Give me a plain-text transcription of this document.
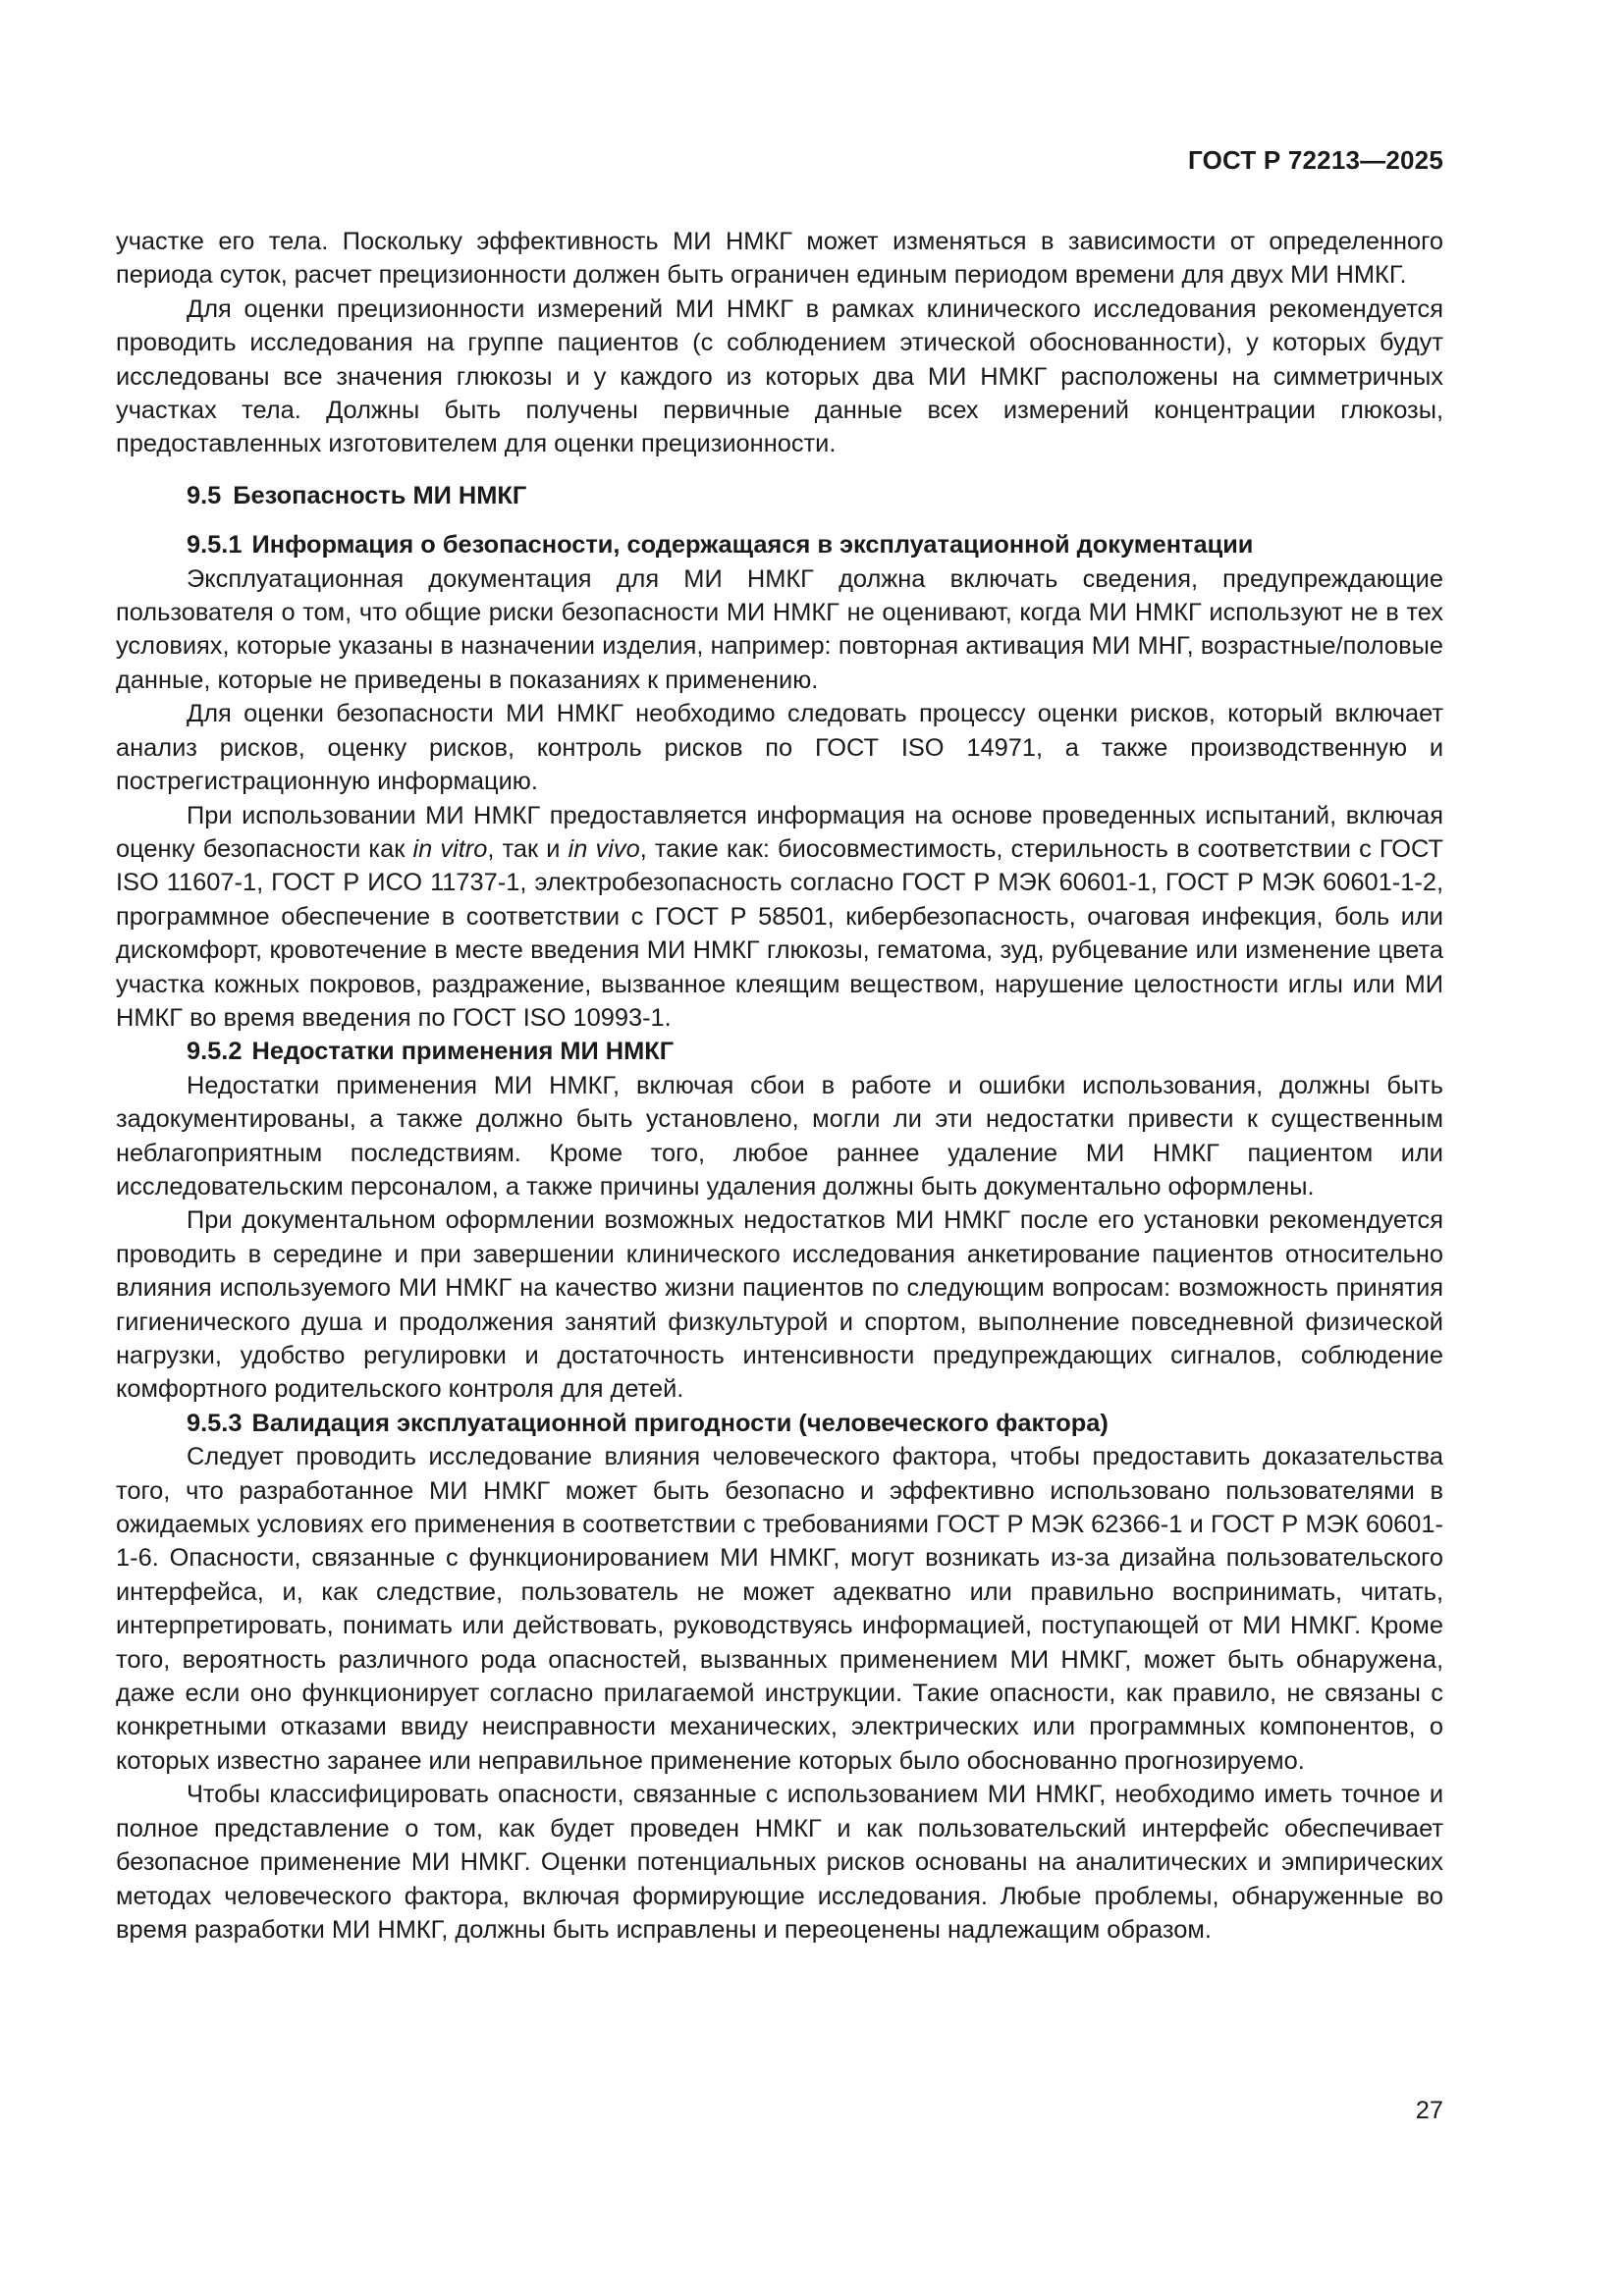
ГОСТ Р 72213—2025

участке его тела. Поскольку эффективность МИ НМКГ может изменяться в зависимости от определенного периода суток, расчет прецизионности должен быть ограничен единым периодом времени для двух МИ НМКГ.

Для оценки прецизионности измерений МИ НМКГ в рамках клинического исследования рекомендуется проводить исследования на группе пациентов (с соблюдением этической обоснованности), у которых будут исследованы все значения глюкозы и у каждого из которых два МИ НМКГ расположены на симметричных участках тела. Должны быть получены первичные данные всех измерений концентрации глюкозы, предоставленных изготовителем для оценки прецизионности.

9.5 Безопасность МИ НМКГ
9.5.1 Информация о безопасности, содержащаяся в эксплуатационной документации

Эксплуатационная документация для МИ НМКГ должна включать сведения, предупреждающие пользователя о том, что общие риски безопасности МИ НМКГ не оценивают, когда МИ НМКГ используют не в тех условиях, которые указаны в назначении изделия, например: повторная активация МИ МНГ, возрастные/половые данные, которые не приведены в показаниях к применению.

Для оценки безопасности МИ НМКГ необходимо следовать процессу оценки рисков, который включает анализ рисков, оценку рисков, контроль рисков по ГОСТ ISO 14971, а также производственную и пострегистрационную информацию.

При использовании МИ НМКГ предоставляется информация на основе проведенных испытаний, включая оценку безопасности как in vitro, так и in vivo, такие как: биосовместимость, стерильность в соответствии с ГОСТ ISO 11607-1, ГОСТ Р ИСО 11737-1, электробезопасность согласно ГОСТ Р МЭК 60601-1, ГОСТ Р МЭК 60601-1-2, программное обеспечение в соответствии с ГОСТ Р 58501, кибербезопасность, очаговая инфекция, боль или дискомфорт, кровотечение в месте введения МИ НМКГ глюкозы, гематома, зуд, рубцевание или изменение цвета участка кожных покровов, раздражение, вызванное клеящим веществом, нарушение целостности иглы или МИ НМКГ во время введения по ГОСТ ISO 10993-1.

9.5.2 Недостатки применения МИ НМКГ

Недостатки применения МИ НМКГ, включая сбои в работе и ошибки использования, должны быть задокументированы, а также должно быть установлено, могли ли эти недостатки привести к существенным неблагоприятным последствиям. Кроме того, любое раннее удаление МИ НМКГ пациентом или исследовательским персоналом, а также причины удаления должны быть документально оформлены.

При документальном оформлении возможных недостатков МИ НМКГ после его установки рекомендуется проводить в середине и при завершении клинического исследования анкетирование пациентов относительно влияния используемого МИ НМКГ на качество жизни пациентов по следующим вопросам: возможность принятия гигиенического душа и продолжения занятий физкультурой и спортом, выполнение повседневной физической нагрузки, удобство регулировки и достаточность интенсивности предупреждающих сигналов, соблюдение комфортного родительского контроля для детей.

9.5.3 Валидация эксплуатационной пригодности (человеческого фактора)

Следует проводить исследование влияния человеческого фактора, чтобы предоставить доказательства того, что разработанное МИ НМКГ может быть безопасно и эффективно использовано пользователями в ожидаемых условиях его применения в соответствии с требованиями ГОСТ Р МЭК 62366-1 и ГОСТ Р МЭК 60601-1-6. Опасности, связанные с функционированием МИ НМКГ, могут возникать из-за дизайна пользовательского интерфейса, и, как следствие, пользователь не может адекватно или правильно воспринимать, читать, интерпретировать, понимать или действовать, руководствуясь информацией, поступающей от МИ НМКГ. Кроме того, вероятность различного рода опасностей, вызванных применением МИ НМКГ, может быть обнаружена, даже если оно функционирует согласно прилагаемой инструкции. Такие опасности, как правило, не связаны с конкретными отказами ввиду неисправности механических, электрических или программных компонентов, о которых известно заранее или неправильное применение которых было обоснованно прогнозируемо.

Чтобы классифицировать опасности, связанные с использованием МИ НМКГ, необходимо иметь точное и полное представление о том, как будет проведен НМКГ и как пользовательский интерфейс обеспечивает безопасное применение МИ НМКГ. Оценки потенциальных рисков основаны на аналитических и эмпирических методах человеческого фактора, включая формирующие исследования. Любые проблемы, обнаруженные во время разработки МИ НМКГ, должны быть исправлены и переоценены надлежащим образом.

27
